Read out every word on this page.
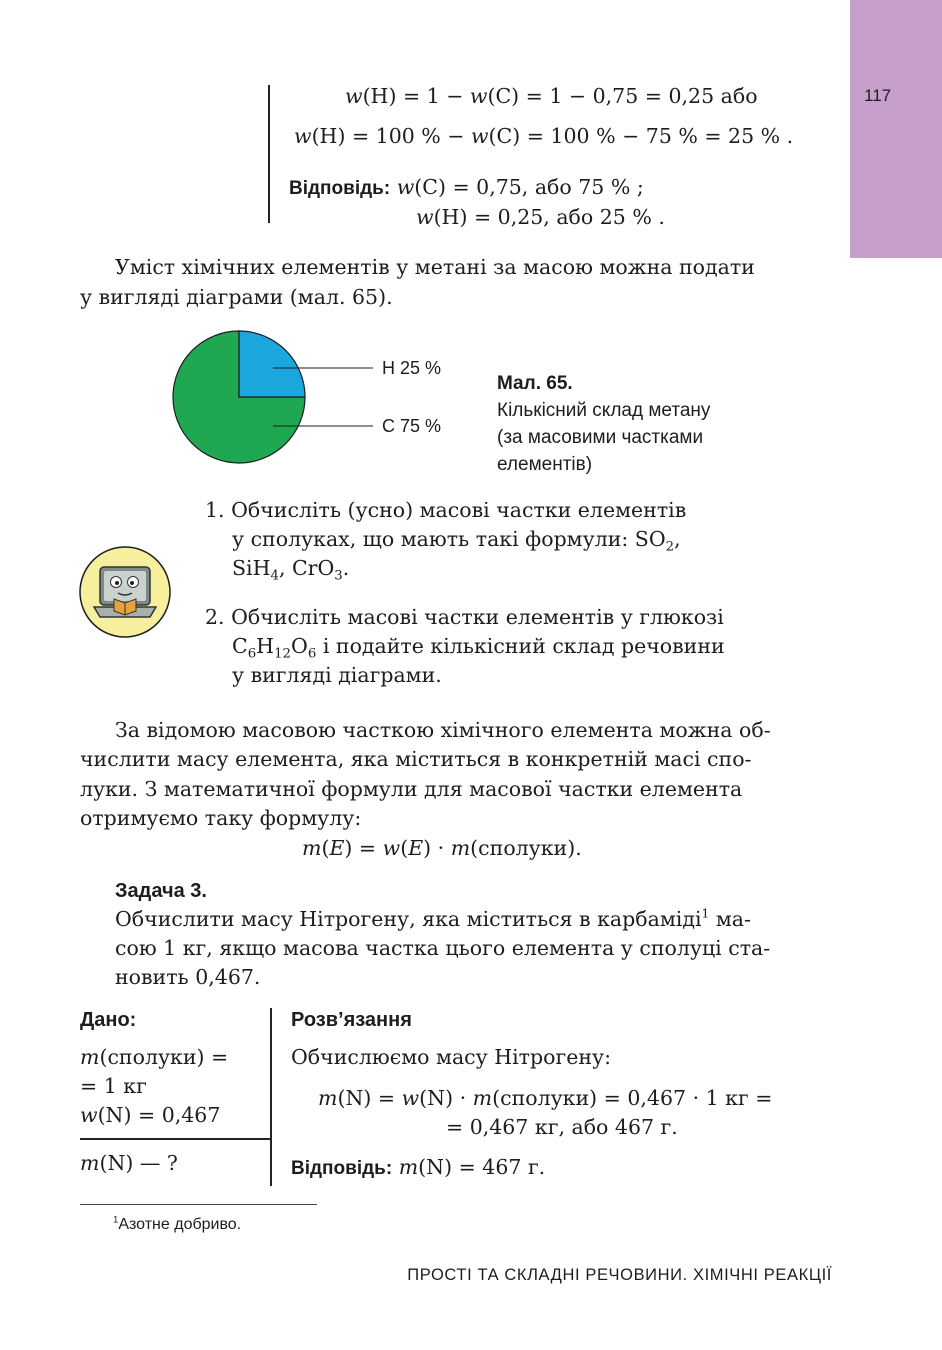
117
w(H) = 1 − w(C) = 1 − 0,75 = 0,25 або
w(H) = 100 % − w(C) = 100 % − 75 % = 25 % .
Відповідь: w(C) = 0,75, або 75 % ;
w(H) = 0,25, або 25 % .
Уміст хімічних елементів у метані за масою можна подати
у вигляді діаграми (мал. 65).
H 25 %
C 75 %
Мал. 65.
Кількісний склад метану
(за масовими частками
елементів)
1. Обчисліть (усно) масові частки елементів
у сполуках, що мають такі формули: $SO_2$,
SiH$_4$, CrO$_3$.
2. Обчисліть масові частки елементів у глюкозі
$C_6H_{12}O_6$ і подайте кількісний склад речовини
у вигляді діаграми.
За відомою масовою часткою хімічного елемента можна об-
числити масу елемента, яка міститься в конкретній масі спо-
луки. З математичної формули для масової частки елемента
отримуємо таку формулу:
m(E) = w(E) · m(сполуки).
Задача 3.
Обчислити масу Нітрогену, яка міститься в карбаміді$^1$ ма-
сою 1 кг, якщо масова частка цього елемента у сполуці ста-
новить 0,467.
Дано:
m(сполуки) =
= 1 кг
w(N) = 0,467
m(N) — ?
Розв’язання
Обчислюємо масу Нітрогену:
m(N) = w(N) · m(сполуки) = 0,467 · 1 кг =
= 0,467 кг, або 467 г.
Відповідь: m(N) = 467 г.
$^1$Азотне добриво.
ПРОСТІ ТА СКЛАДНІ РЕЧОВИНИ. ХІМІЧНІ РЕАКЦІЇ
